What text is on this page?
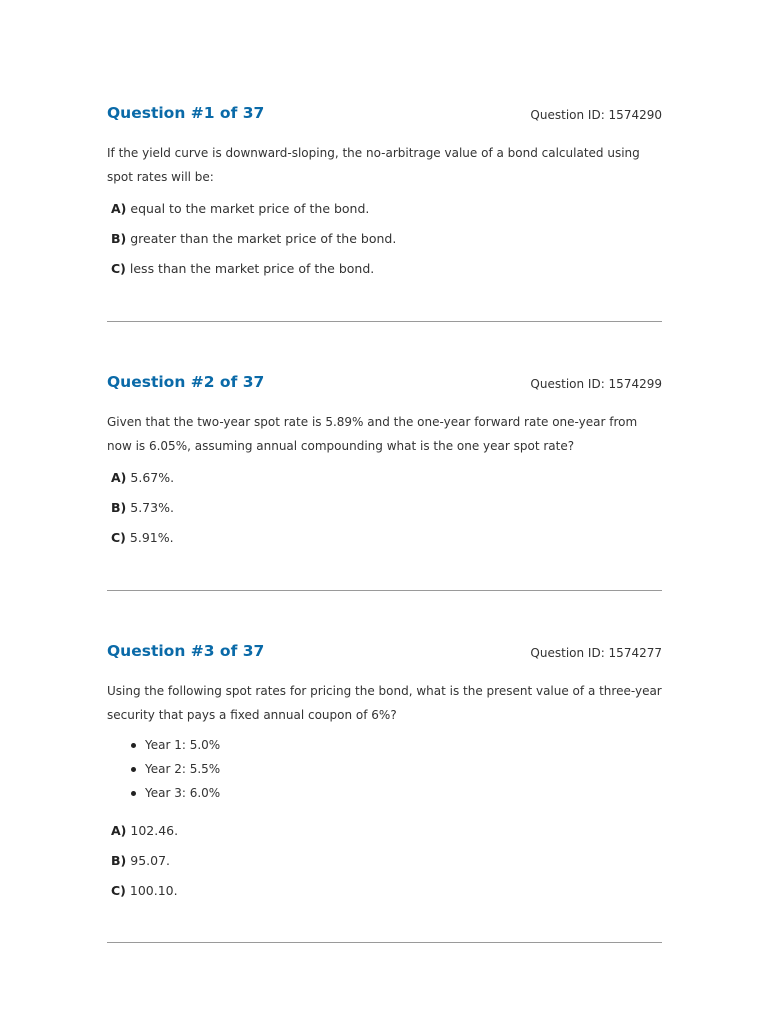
Question #1 of 37	Question ID: 1574290

If the yield curve is downward-sloping, the no-arbitrage value of a bond calculated using spot rates will be:

A) equal to the market price of the bond.
B) greater than the market price of the bond.
C) less than the market price of the bond.
Question #2 of 37	Question ID: 1574299

Given that the two-year spot rate is 5.89% and the one-year forward rate one-year from now is 6.05%, assuming annual compounding what is the one year spot rate?

A) 5.67%.
B) 5.73%.
C) 5.91%.
Question #3 of 37	Question ID: 1574277

Using the following spot rates for pricing the bond, what is the present value of a three-year security that pays a fixed annual coupon of 6%?

Year 1: 5.0%
Year 2: 5.5%
Year 3: 6.0%
A) 102.46.
B) 95.07.
C) 100.10.
